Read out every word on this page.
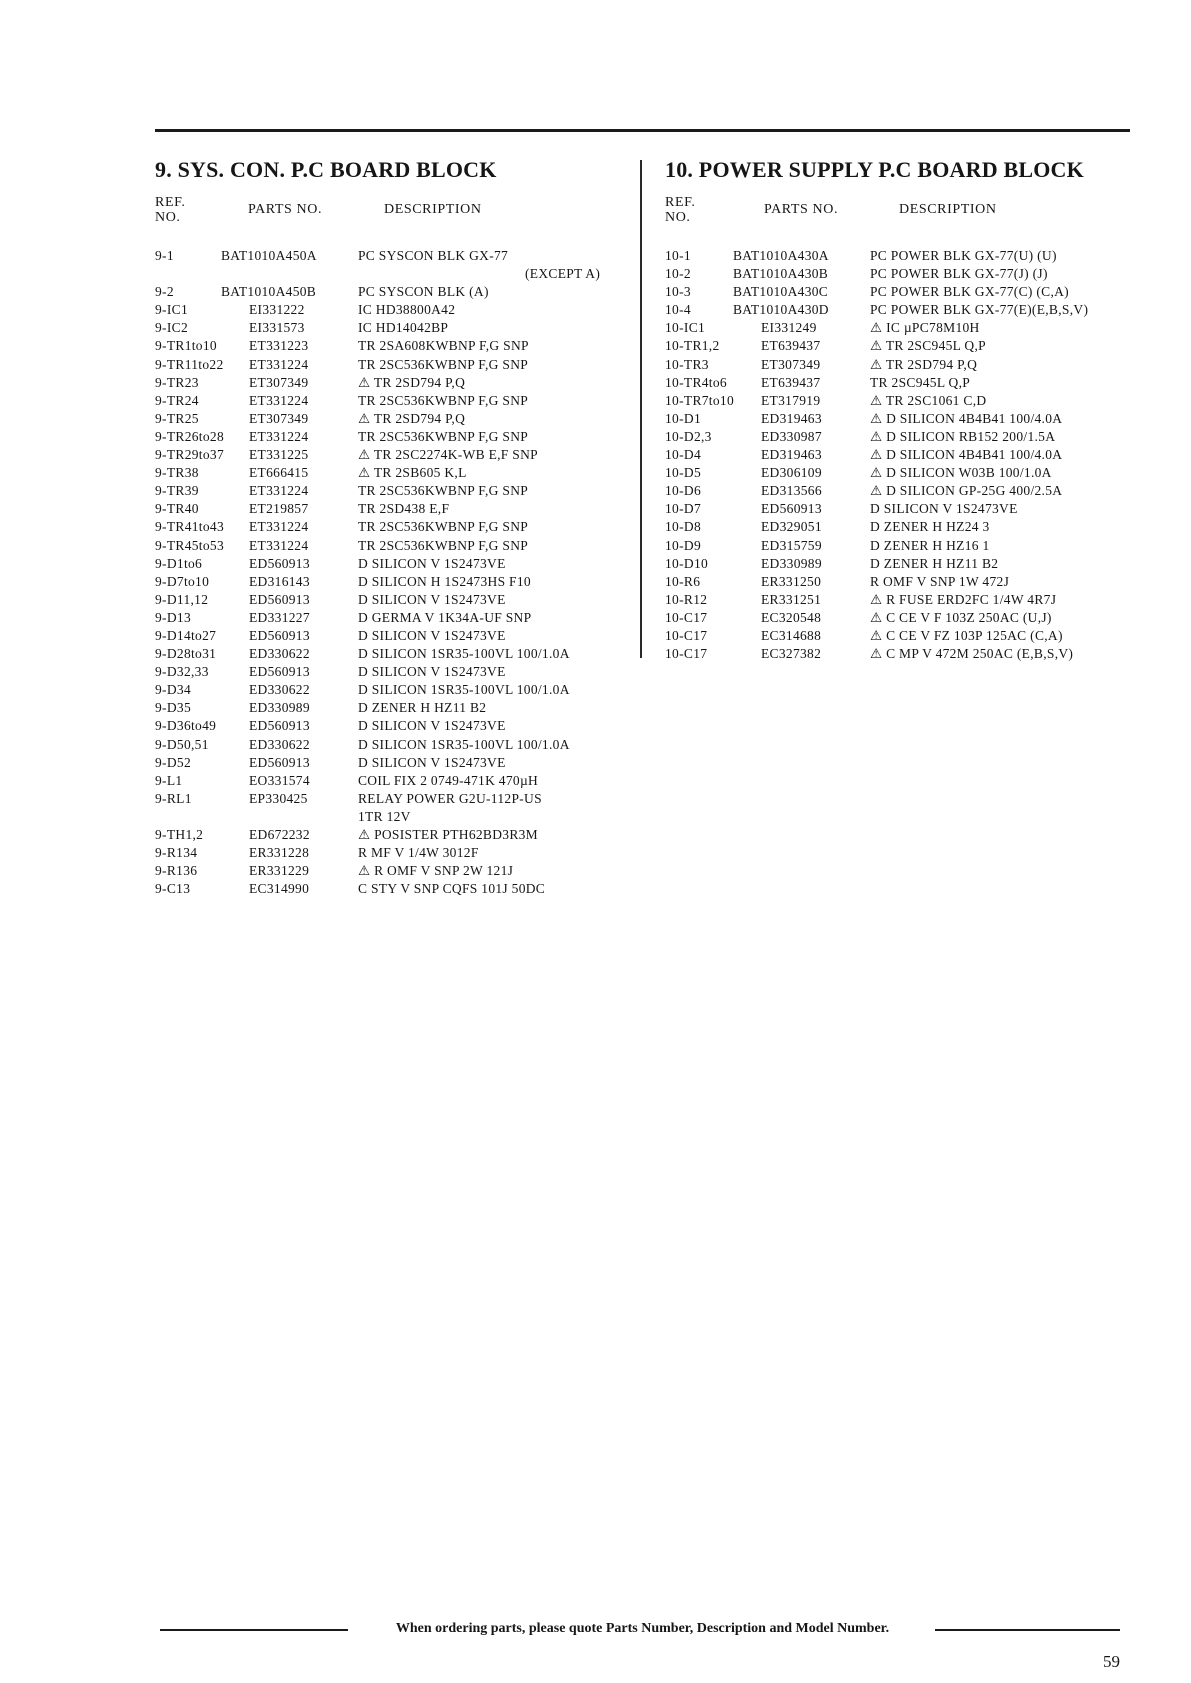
9. SYS. CON. P.C BOARD BLOCK
REF.
NO.
PARTS NO.	DESCRIPTION
9-1	BAT1010A450A	PC SYSCON BLK GX-77
(EXCEPT A)
9-2	BAT1010A450B	PC SYSCON BLK (A)
9-IC1	EI331222	IC HD38800A42
9-IC2	EI331573	IC HD14042BP
9-TR1to10 ET331223	TR 2SA608KWBNP F,G SNP
9-TR11to22 ET331224	TR 2SC536KWBNP F,G SNP
9-TR23	ET307349	⚠ TR 2SD794 P,Q
9-TR24	ET331224	TR 2SC536KWBNP F,G SNP
9-TR25	ET307349	⚠ TR 2SD794 P,Q
9-TR26to28 ET331224	TR 2SC536KWBNP F,G SNP
9-TR29to37 ET331225	⚠ TR 2SC2274K-WB E,F SNP
9-TR38	ET666415	⚠ TR 2SB605 K,L
9-TR39	ET331224	TR 2SC536KWBNP F,G SNP
9-TR40	ET219857	TR 2SD438 E,F
9-TR41to43 ET331224	TR 2SC536KWBNP F,G SNP
9-TR45to53 ET331224	TR 2SC536KWBNP F,G SNP
9-D1to6	ED560913	D SILICON V 1S2473VE
9-D7to10	ED316143	D SILICON H 1S2473HS F10
9-D11,12	ED560913	D SILICON V 1S2473VE
9-D13	ED331227	D GERMA V 1K34A-UF SNP
9-D14to27 ED560913	D SILICON V 1S2473VE
9-D28to31 ED330622	D SILICON 1SR35-100VL 100/1.0A
9-D32,33	ED560913	D SILICON V 1S2473VE
9-D34	ED330622	D SILICON 1SR35-100VL 100/1.0A
9-D35	ED330989	D ZENER H HZ11 B2
9-D36to49 ED560913	D SILICON V 1S2473VE
9-D50,51	ED330622	D SILICON 1SR35-100VL 100/1.0A
9-D52	ED560913	D SILICON V 1S2473VE
9-L1	EO331574	COIL FIX 2 0749-471K 470µH
9-RL1	EP330425	RELAY POWER G2U-112P-US
1TR 12V
9-TH1,2	ED672232	⚠ POSISTER PTH62BD3R3M
9-R134	ER331228	R MF V 1/4W 3012F
9-R136	ER331229	⚠ R OMF V SNP 2W 121J
9-C13	EC314990	C STY V SNP CQFS 101J 50DC
10. POWER SUPPLY P.C BOARD BLOCK
REF.
NO.
PARTS NO.	DESCRIPTION
10-1	BAT1010A430A	PC POWER BLK GX-77(U) (U)
10-2	BAT1010A430B	PC POWER BLK GX-77(J) (J)
10-3	BAT1010A430C	PC POWER BLK GX-77(C) (C,A)
10-4	BAT1010A430D	PC POWER BLK GX-77(E)(E,B,S,V)
10-IC1	EI331249	⚠ IC µPC78M10H
10-TR1,2	ET639437	⚠ TR 2SC945L Q,P
10-TR3	ET307349	⚠ TR 2SD794 P,Q
10-TR4to6	ET639437	TR 2SC945L Q,P
10-TR7to10 ET317919	⚠ TR 2SC1061 C,D
10-D1	ED319463	⚠ D SILICON 4B4B41 100/4.0A
10-D2,3	ED330987	⚠ D SILICON RB152 200/1.5A
10-D4	ED319463	⚠ D SILICON 4B4B41 100/4.0A
10-D5	ED306109	⚠ D SILICON W03B 100/1.0A
10-D6	ED313566	⚠ D SILICON GP-25G 400/2.5A
10-D7	ED560913	D SILICON V 1S2473VE
10-D8	ED329051	D ZENER H HZ24 3
10-D9	ED315759	D ZENER H HZ16 1
10-D10	ED330989	D ZENER H HZ11 B2
10-R6	ER331250	R OMF V SNP 1W 472J
10-R12	ER331251	⚠ R FUSE ERD2FC 1/4W 4R7J
10-C17	EC320548	⚠ C CE V F 103Z 250AC (U,J)
10-C17	EC314688	⚠ C CE V FZ 103P 125AC (C,A)
10-C17	EC327382	⚠ C MP V 472M 250AC (E,B,S,V)
When ordering parts, please quote Parts Number, Description and Model Number.
59
